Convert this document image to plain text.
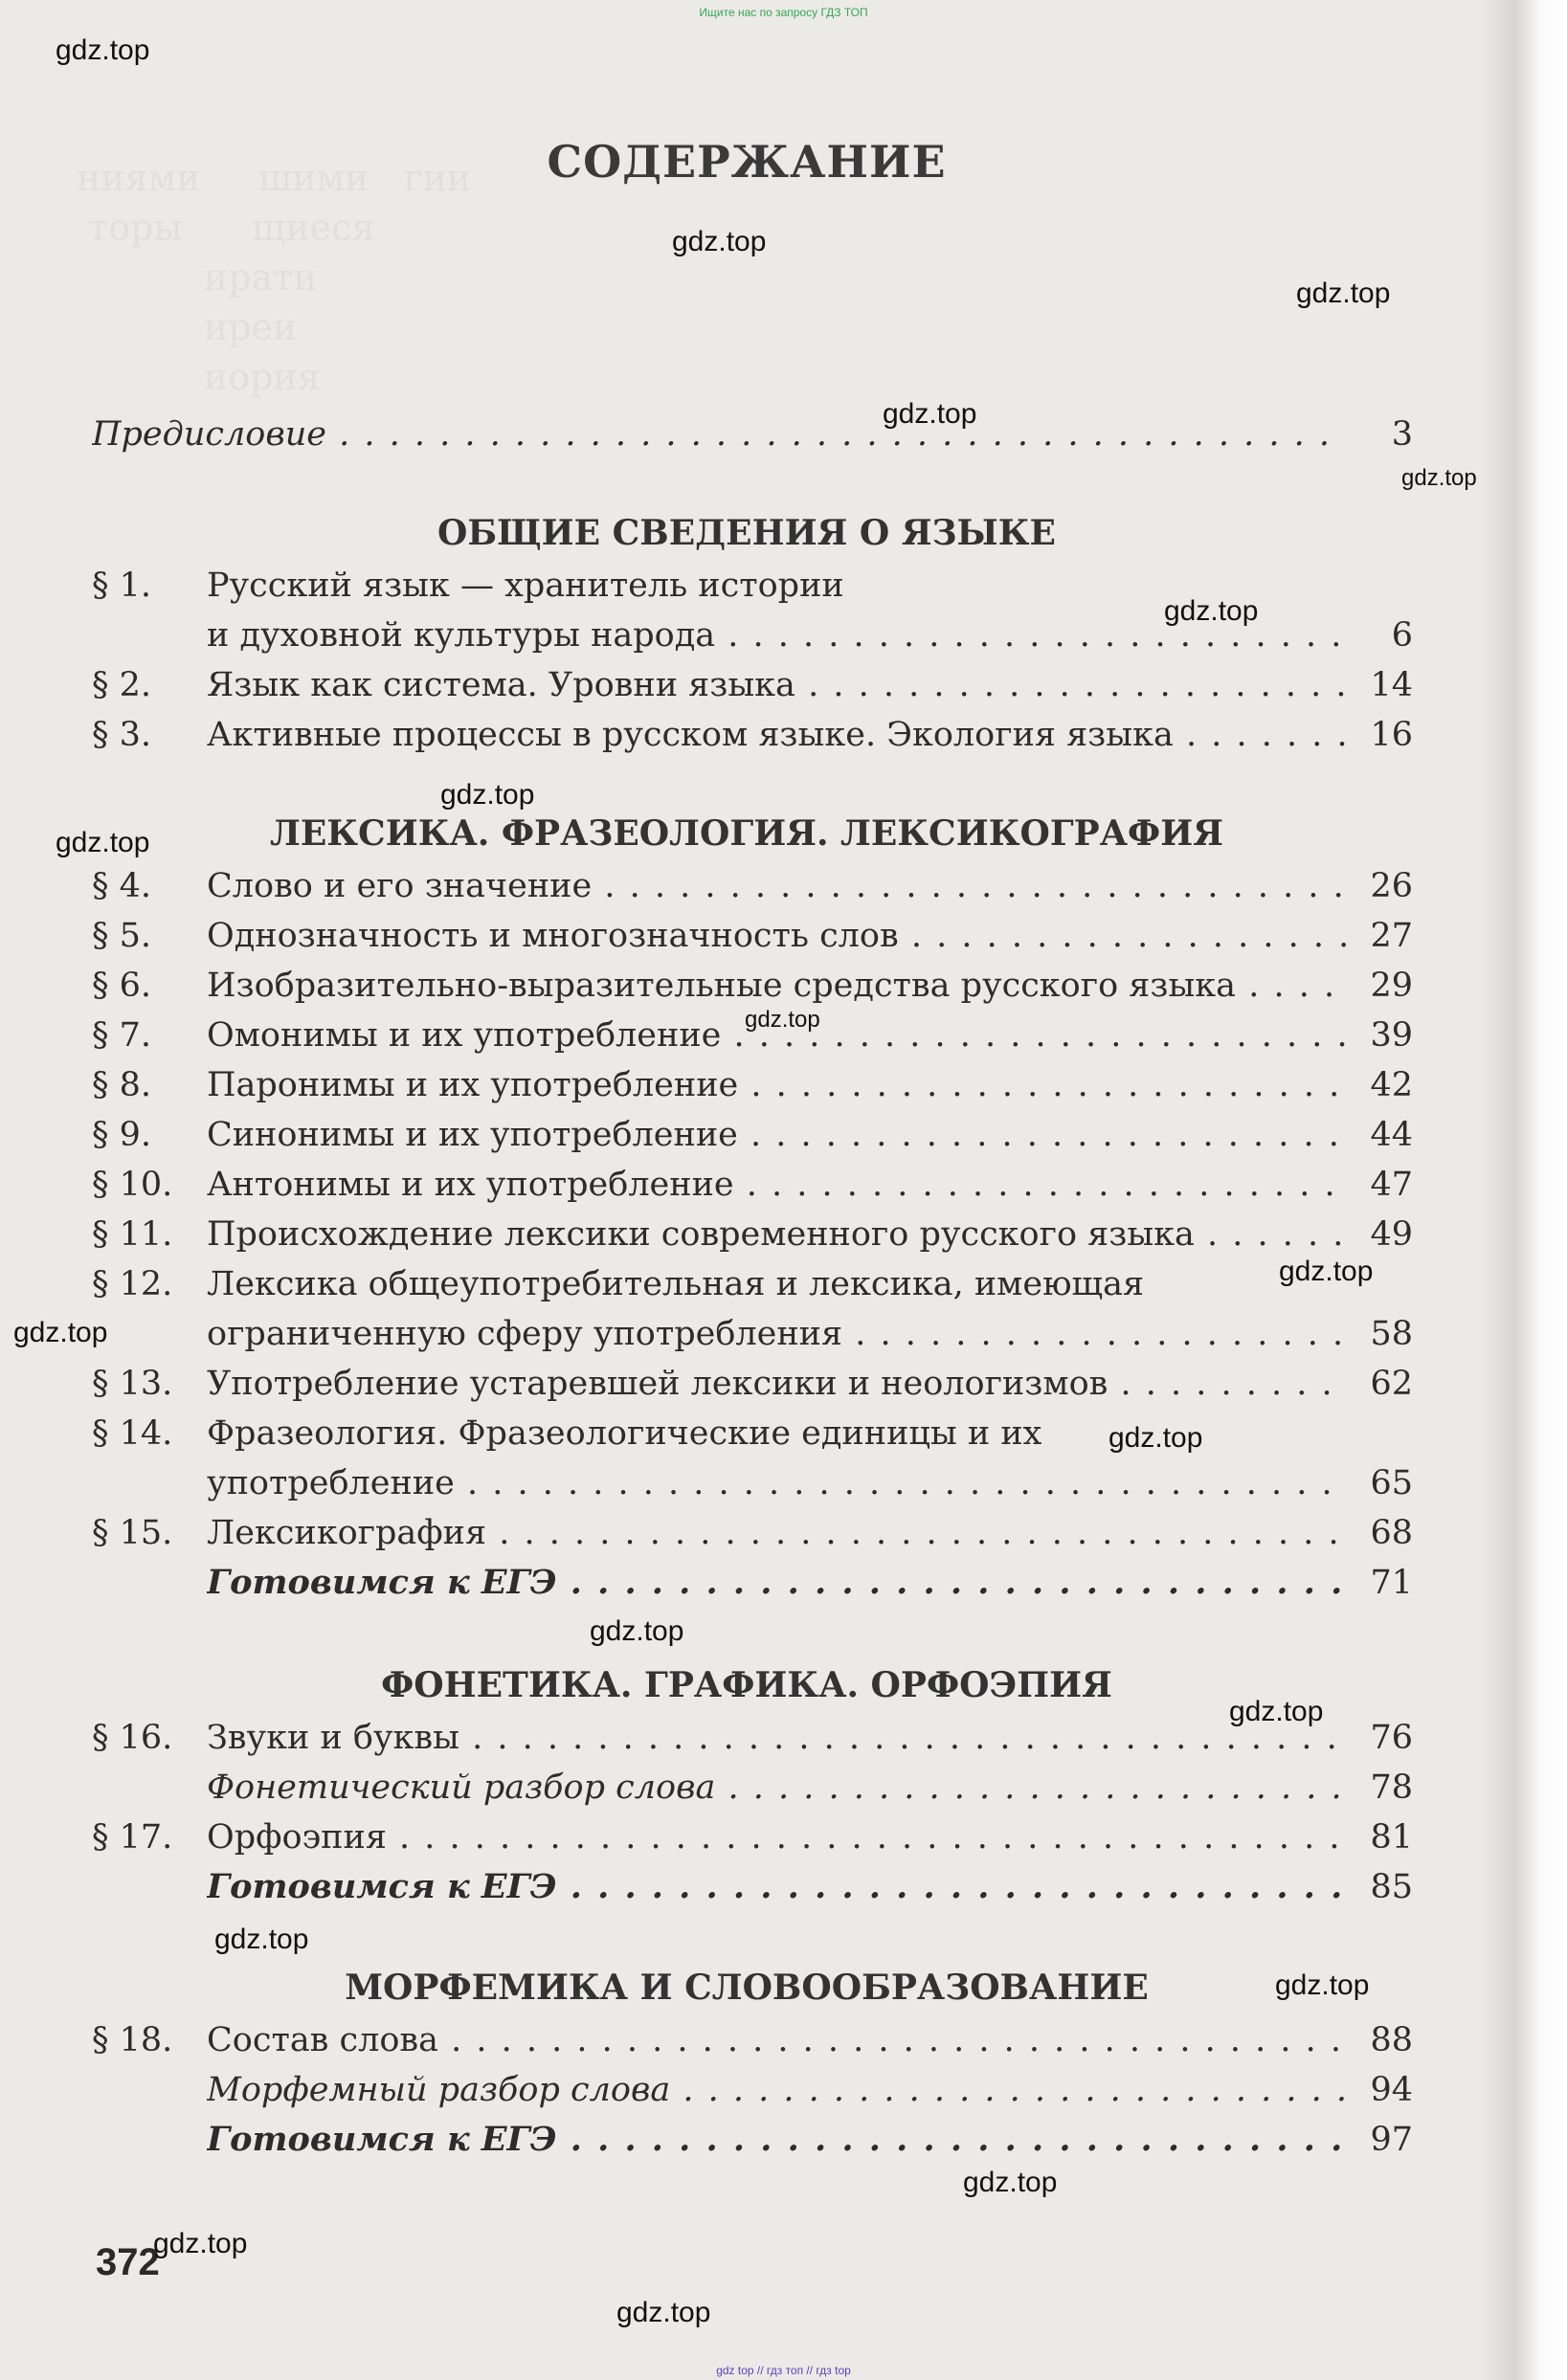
ниями     шими   гии
торы      щиеся
ирати
иреи
иория
Ищите нас по запросу ГДЗ ТОП
СОДЕРЖАНИЕ
Предисловие . . .	3
ОБЩИЕ СВЕДЕНИЯ О ЯЗЫКЕ
§ 1. Русский язык — хранитель истории
и духовной культуры народа . . .	6
§ 2. Язык как система. Уровни языка . . .	14
§ 3. Активные процессы в русском языке. Экология языка . . .	16
ЛЕКСИКА. ФРАЗЕОЛОГИЯ. ЛЕКСИКОГРАФИЯ
§ 4. Слово и его значение . . .	26
§ 5. Однозначность и многозначность слов . . .	27
§ 6. Изобразительно-выразительные средства русского языка . . .	29
§ 7. Омонимы и их употребление . . .	39
§ 8. Паронимы и их употребление . . .	42
§ 9. Синонимы и их употребление . . .	44
§ 10. Антонимы и их употребление . . .	47
§ 11. Происхождение лексики современного русского языка . . .	49
§ 12. Лексика общеупотребительная и лексика, имеющая
ограниченную сферу употребления . . .	58
§ 13. Употребление устаревшей лексики и неологизмов . . .	62
§ 14. Фразеология. Фразеологические единицы и их
употребление . . .	65
§ 15. Лексикография . . .	68
Готовимся к ЕГЭ . . .	71
ФОНЕТИКА. ГРАФИКА. ОРФОЭПИЯ
§ 16. Звуки и буквы . . .	76
Фонетический разбор слова . . .	78
§ 17. Орфоэпия . . .	81
Готовимся к ЕГЭ . . .	85
МОРФЕМИКА И СЛОВООБРАЗОВАНИЕ
§ 18. Состав слова . . .	88
Морфемный разбор слова . . .	94
Готовимся к ЕГЭ . . .	97
372
gdz.top
gdz.top
gdz.top
gdz.top
gdz.top
gdz.top
gdz.top
gdz.top
gdz.top
gdz.top
gdz.top
gdz.top
gdz.top
gdz.top
gdz.top
gdz.top
gdz.top
gdz.top
gdz.top
gdz top // гдз топ // гдз top
